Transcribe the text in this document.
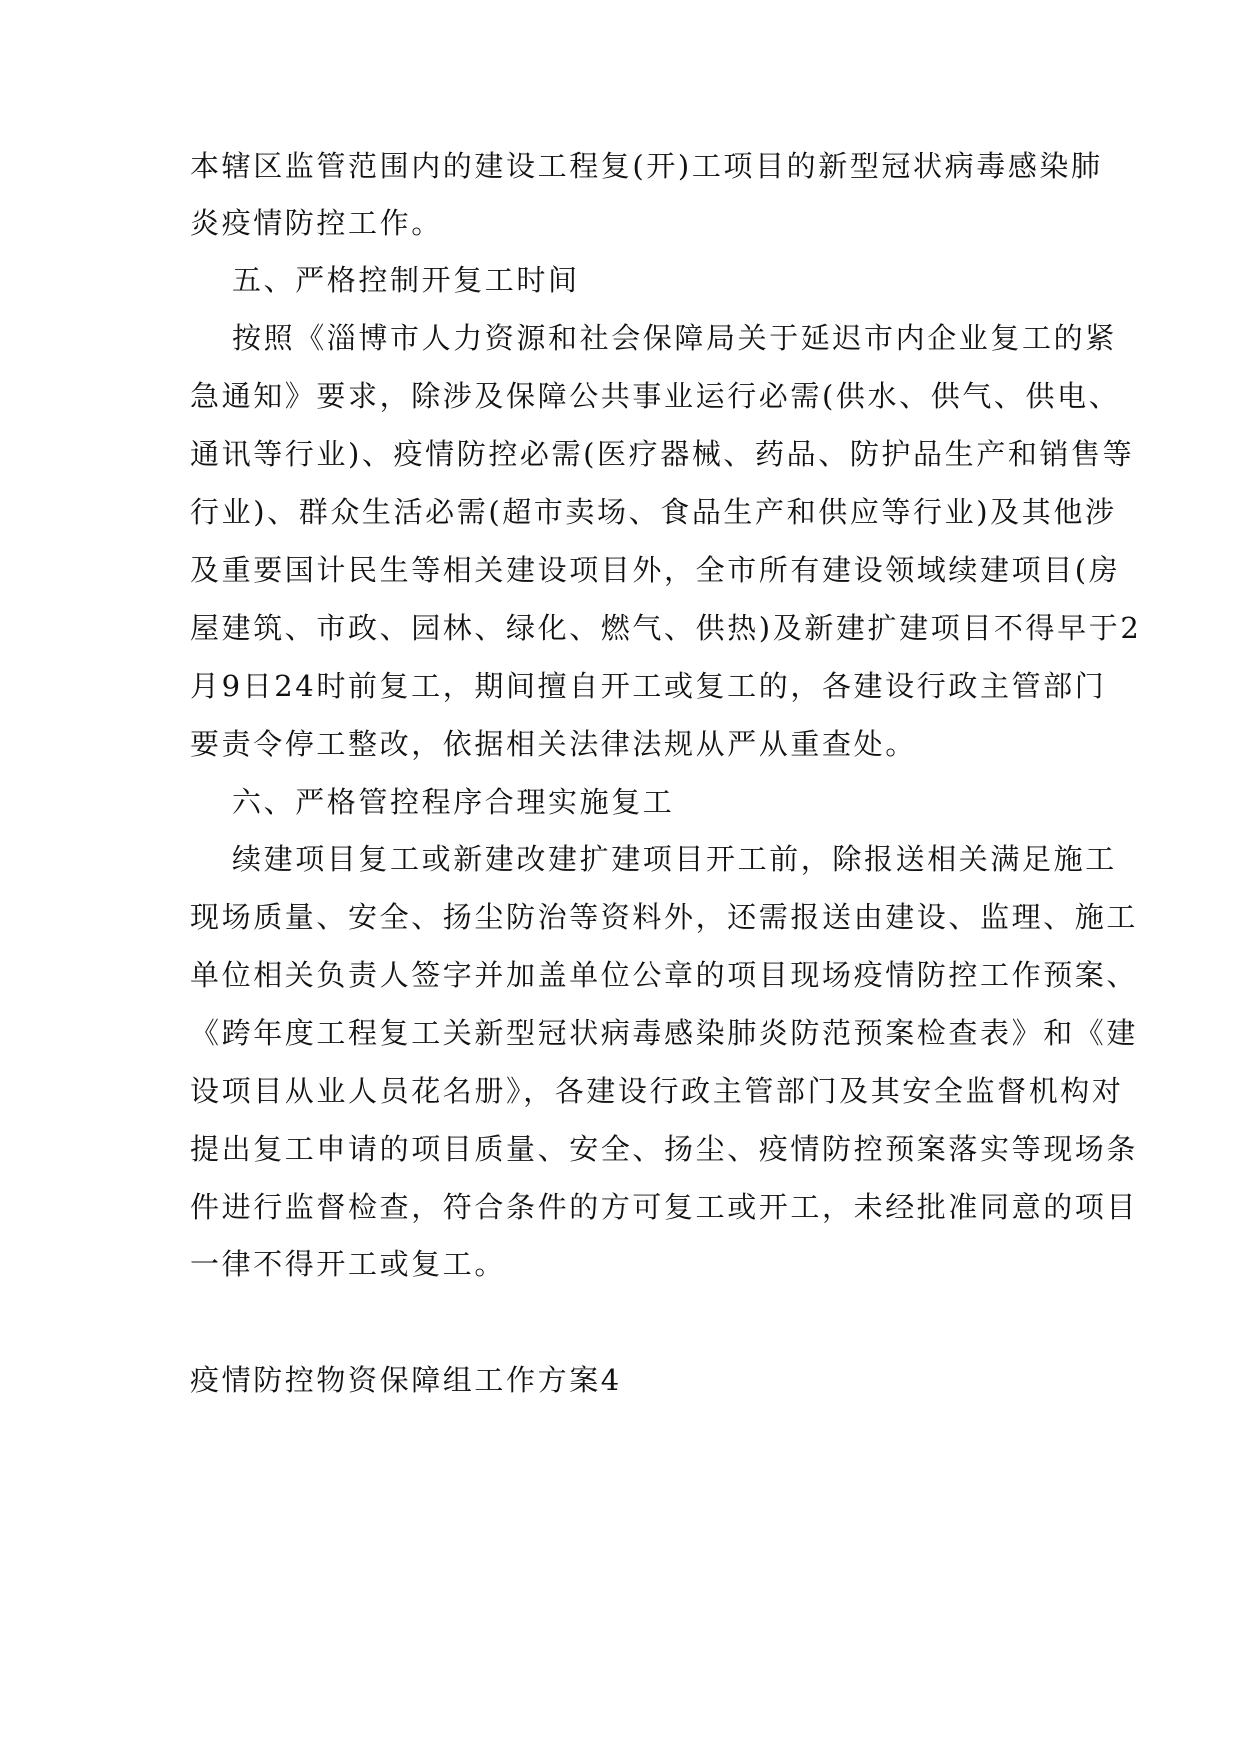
本辖区监管范围内的建设工程复(开)工项目的新型冠状病毒感染肺
炎疫情防控工作。
五、严格控制开复工时间
按照《淄博市人力资源和社会保障局关于延迟市内企业复工的紧
急通知》要求，除涉及保障公共事业运行必需(供水、供气、供电、
通讯等行业)、疫情防控必需(医疗器械、药品、防护品生产和销售等
行业)、群众生活必需(超市卖场、食品生产和供应等行业)及其他涉
及重要国计民生等相关建设项目外，全市所有建设领域续建项目(房
屋建筑、市政、园林、绿化、燃气、供热)及新建扩建项目不得早于2
月9日24时前复工，期间擅自开工或复工的，各建设行政主管部门
要责令停工整改，依据相关法律法规从严从重查处。
六、严格管控程序合理实施复工
续建项目复工或新建改建扩建项目开工前，除报送相关满足施工
现场质量、安全、扬尘防治等资料外，还需报送由建设、监理、施工
单位相关负责人签字并加盖单位公章的项目现场疫情防控工作预案、
《跨年度工程复工关新型冠状病毒感染肺炎防范预案检查表》和《建
设项目从业人员花名册》，各建设行政主管部门及其安全监督机构对
提出复工申请的项目质量、安全、扬尘、疫情防控预案落实等现场条
件进行监督检查，符合条件的方可复工或开工，未经批准同意的项目
一律不得开工或复工。
疫情防控物资保障组工作方案4
